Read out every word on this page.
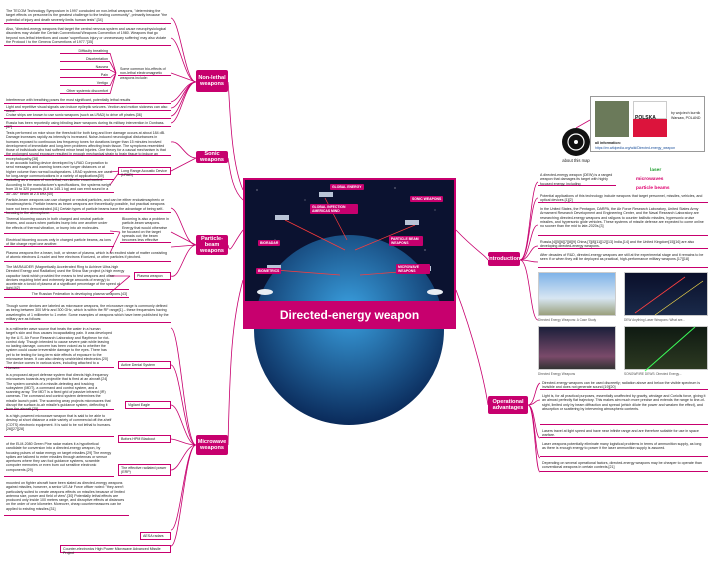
The TECOM Technology Symposium in 1997 concluded on non-lethal weapons, "determining the target effects on personnel is the greatest challenge to the testing community", primarily because "the potential of injury and death severely limits human tests".[34]
Also, "directed-energy weapons that target the central nervous system and cause neurophysiological disorders may violate the Certain Conventional Weapons Convention of 1980. Weapons that go beyond non-lethal intentions and cause 'superfluous injury or unnecessary suffering' may also violate the Protocol I to the Geneva Conventions of 1977."[35]
Difficulty breathing
Disorientation
Nausea
Pain
Vertigo
Other systemic discomfort
Some common bio-effects of non-lethal electromagnetic weapons include:
Interference with breathing poses the most significant, potentially lethal results
Light and repetitive visual signals can induce epileptic seizures. Vection and motion sickness can also occur.
Cruise ships are known to use sonic weapons (such as LRAD) to drive off pirates.[36]
Russia has been reportedly using blinding laser weapons during its military intervention in Donbass.[37]
Non-lethal weapons
Tests performed on mice show the threshold for both lung and liver damage occurs at about 184 dB. Damage increases rapidly as intensity is increased. Noise-induced neurological disturbances in humans exposed to continuous low frequency tones for durations longer than 15 minutes involved development of immediate and long-term problems affecting brain tissue. The symptoms resembled those of individuals who had suffered minor head injuries. One theory for a causal mechanism is that the prolonged sound exposure resulted in enough mechanical strain to brain tissue to induce an encephalopathy.[38]
In an acoustic hailing device developed by LRAD Corporation to send messages and warning tones over longer distances or at higher volume than normal loudspeakers. LRAD systems are used for long-range communications in a variety of applications[39] including as a means of non-lethal, non-kinetic crowd control.
Long Range Acoustic Device (LRAD)
According to the manufacturer's specifications, the systems weigh from 15 to 320 pounds (6.8 to 145.1 kg) and can emit sound in a 30°–60° beam at 2.5 kHz.[40]
Sonic weapons
Particle-beam weapons can use charged or neutral particles, and can be either endoatmospheric or exoatmospheric. Particle beams as beam weapons are theoretically possible, but practical weapons have not been demonstrated.[41] Certain types of particle beams have the advantage of being self-focusing in the atmosphere.
Thermal blooming occurs in both charged and neutral particle beams, and occurs when particles bump into one another under the effects of thermal vibration, or bump into air molecules.
Blooming is also a problem in particle-beam weapons. Energy that would otherwise be focused on the target spreads out; the beam becomes less effective
Electrical blooming occurs only in charged particle beams, as ions of like charge repel one another.
Plasma weapons fire a beam, bolt, or stream of plasma, which is an excited state of matter consisting of atomic electrons & nuclei and free electrons if ionized, or other particles if pinched.
The MARAUDER (Magnetically Accelerated Ring to Achieve Ultra-high Directed Energy and Radiation) used the Shiva Star project (a high energy capacitor bank which provided the means to test weapons and other devices requiring brief and extremely large amounts of energy) to accelerate a toroid of plasma at a significant percentage of the speed of light.[42]
Plasma weapon
The Russian Federation is developing plasma weapons.[43]
Particle-beam weapons
Though some devices are labeled as microwave weapons, the microwave range is commonly defined as being between 300 MHz and 300 GHz, which is within the RF range[1] – these frequencies having wavelengths of 1 millimeter to 1 meter. Some examples of weapons which have been published by the military are as follows:
is a millimeter wave source that heats the water in a human target's skin and thus causes incapacitating pain. It was developed by the U.S. Air Force Research Laboratory and Raytheon for riot-control duty. Though intended to cause severe pain while leaving no lasting damage, concern has been voiced as to whether the system could cause irreversible damage to the eyes. There has yet to be testing for long-term side effects of exposure to the microwave beam. It can also destroy unshielded electronics.[20] The device comes in various sizes, including attached to a Humvee.
Active Denial System
is a proposed airport defense system that directs high-frequency microwaves towards any projectile that is fired at an aircraft.[24] The system consists of a missile-detecting and tracking subsystem (MDT), a command and control system, and a scanning array. The MDT is a fixed grid of passive infrared (IR) cameras. The command and control system determines the missile launch point. The scanning array projects microwaves that disrupt the surface-to-air missile's guidance system, deflecting it from the aircraft.[25]
Vigilant Eagle
is a high-powered microwave weapon that is said to be able to destroy at short distance a wide variety of commercial off-the-shelf (COTS) electronic equipment. It is said to be not lethal to humans.[26][27][28]
Bofors HPM Blackout
of the ELM-2080 Green Pine radar makes it a hypothetical candidate for conversion into a directed-energy weapon, by focusing pulses of radar energy on target missiles.[29] The energy spikes are tailored to enter missiles through antennas or sensor apertures where they can fool guidance systems, scramble computer memories or even burn out sensitive electronic components.[29]	The effective radiated power (ERP)
mounted on fighter aircraft have been slated as directed-energy weapons against missiles, however, a senior US Air Force officer noted: "they aren't particularly suited to create weapons effects on missiles because of limited antenna size, power and field of view".[30] Potentially lethal effects are produced only inside 100 meters range, and disruptive effects at distances on the order of one kilometer. Moreover, cheap countermeasures can be applied to existing missiles.[31]
AESA radars
Counter-electronics High Power Microwave Advanced Missile Project
Microwave weapons
GLOBAL ENERGY
GLOBAL INFECTION AMERICAS MIND
SONIC WEAPONS
BIORADAR
PARTICLE BEAM WEAPONS
BIOMETRICS
MICROWAVE WEAPONS
Directed-energy weapon
about this map
POLSKA
by wojciech kurnik
Warsaw, POLAND
all information:
https://en.wikipedia.org/wiki/Directed-energy_weapon
Introduction
A directed-energy weapon (DEW) is a ranged weapon that damages its target with highly focused energy, including
laser
microwaves
particle beams
Potential applications of this technology include weapons that target personnel, missiles, vehicles, and optical devices.[1][2]
In the United States, the Pentagon, DARPA, the Air Force Research Laboratory, United States Army Armament Research Development and Engineering Center, and the Naval Research Laboratory are researching directed-energy weapons and railguns to counter ballistic missiles, hypersonic cruise missiles, and hypersonic glide vehicles. These systems of missile defense are expected to come online no sooner than the mid to late-2020s.[3]
Russia,[4][5][6][7][8][9] China,[7][8][11][12][13] India,[14] and the United Kingdom[15][16] are also developing directed-energy weapons.
After decades of R&D, directed-energy weapons are still at the experimental stage and it remains to be seen if or when they will be deployed as practical, high-performance military weapons.[17][18]
Directed Energy Weapons: A Case Study	DEW Anything Laser Weapons: What are...
Directed Energy Weapons	SONGWRIRE DEWS: Directed Energy...
Operational advantages
Directed-energy weapons can be used discreetly; radiation above and below the visible spectrum is invisible and does not generate sound.[19][20]
Light is, for all practical purposes, essentially unaffected by gravity, windage and Coriolis force, giving it an almost perfectly flat trajectory. This makes aim much more precise and extends the range to line-of-sight, limited only by beam diffraction and spread (which dilute the power and weaken the effect), and absorption or scattering by intervening atmospheric contents.
Lasers travel at light speed and have near infinite range and are therefore suitable for use in space warfare.
Laser weapons potentially eliminate many logistical problems in terms of ammunition supply, as long as there is enough energy to power it the laser ammunition supply is assured.
Depending on several operational factors, directed-energy weapons may be cheaper to operate than conventional weapons in certain contexts.[21]
